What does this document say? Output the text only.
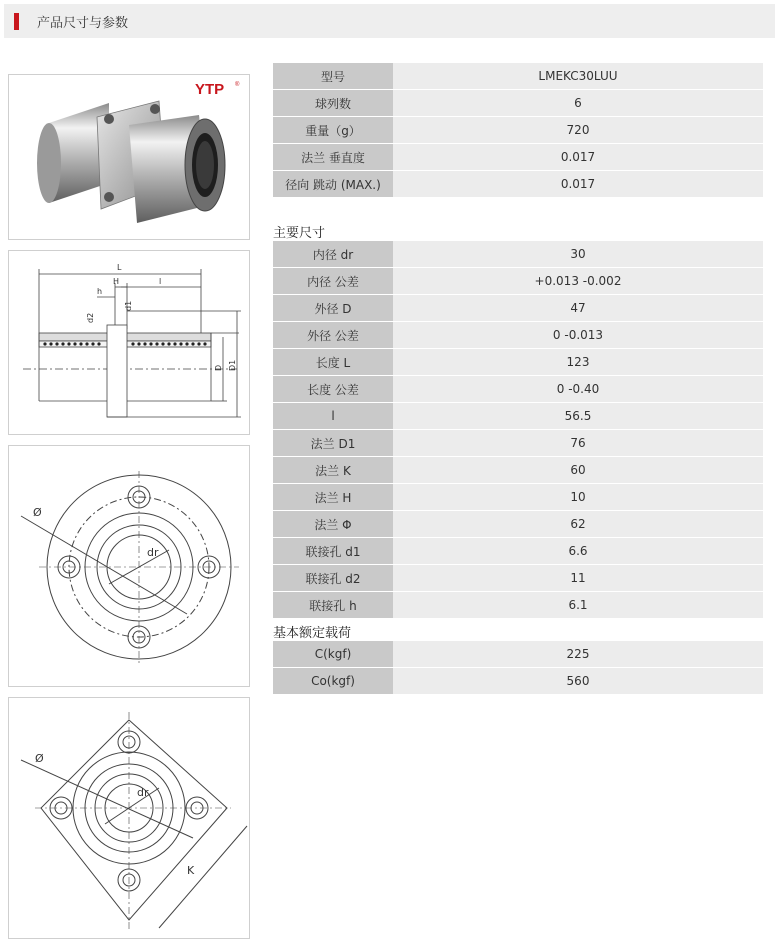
产品尺寸与参数
YTP ®
L
l
h
H
d2
d1
D D1
Ø
dr
Ø
dr
K
型号	LMEKC30LUU
球列数	6
重量（g）	720
法兰 垂直度	0.017
径向 跳动 (MAX.)	0.017
主要尺寸
内径 dr	30
内径 公差	+0.013 -0.002
外径 D	47
外径 公差	0 -0.013
长度 L	123
长度 公差	0 -0.40
l	56.5
法兰 D1	76
法兰 K	60
法兰 H	10
法兰 Φ	62
联接孔 d1	6.6
联接孔 d2	11
联接孔 h	6.1
基本额定载荷
C(kgf)	225
Co(kgf)	560
